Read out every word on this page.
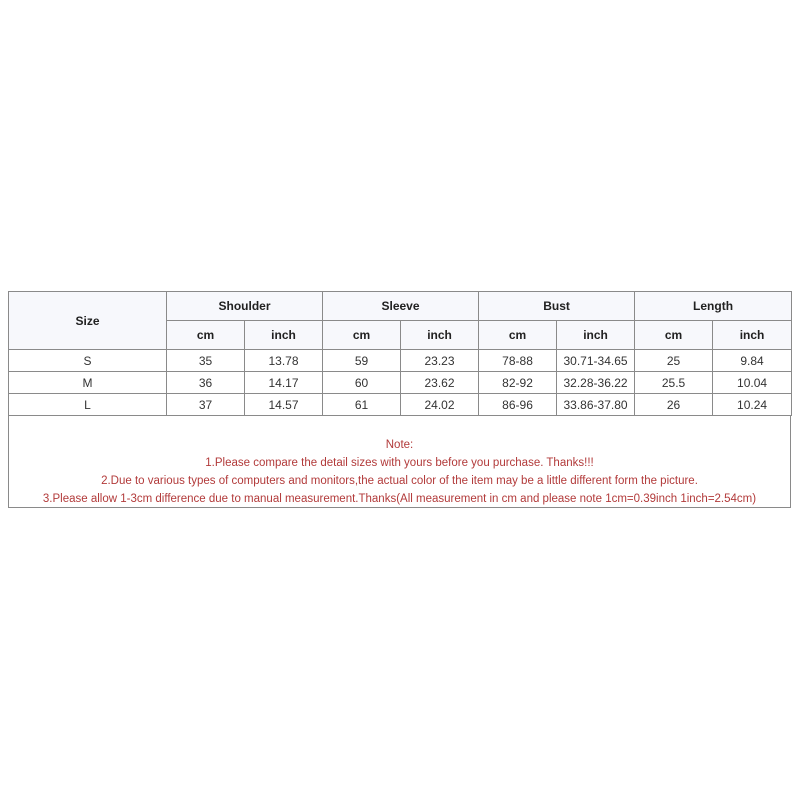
Size	Shoulder		Sleeve		Bust		Length	
	cm	inch	cm	inch	cm	inch	cm	inch
S	35	13.78	59	23.23	78-88	30.71-34.65	25	9.84
M	36	14.17	60	23.62	82-92	32.28-36.22	25.5	10.04
L	37	14.57	61	24.02	86-96	33.86-37.80	26	10.24
Note:
1.Please compare the detail sizes with yours before you purchase. Thanks!!!
2.Due to various types of computers and monitors,the actual color of the item may be a little different form the picture.
3.Please allow 1-3cm difference due to manual measurement.Thanks(All measurement in cm and please note 1cm=0.39inch 1inch=2.54cm)
